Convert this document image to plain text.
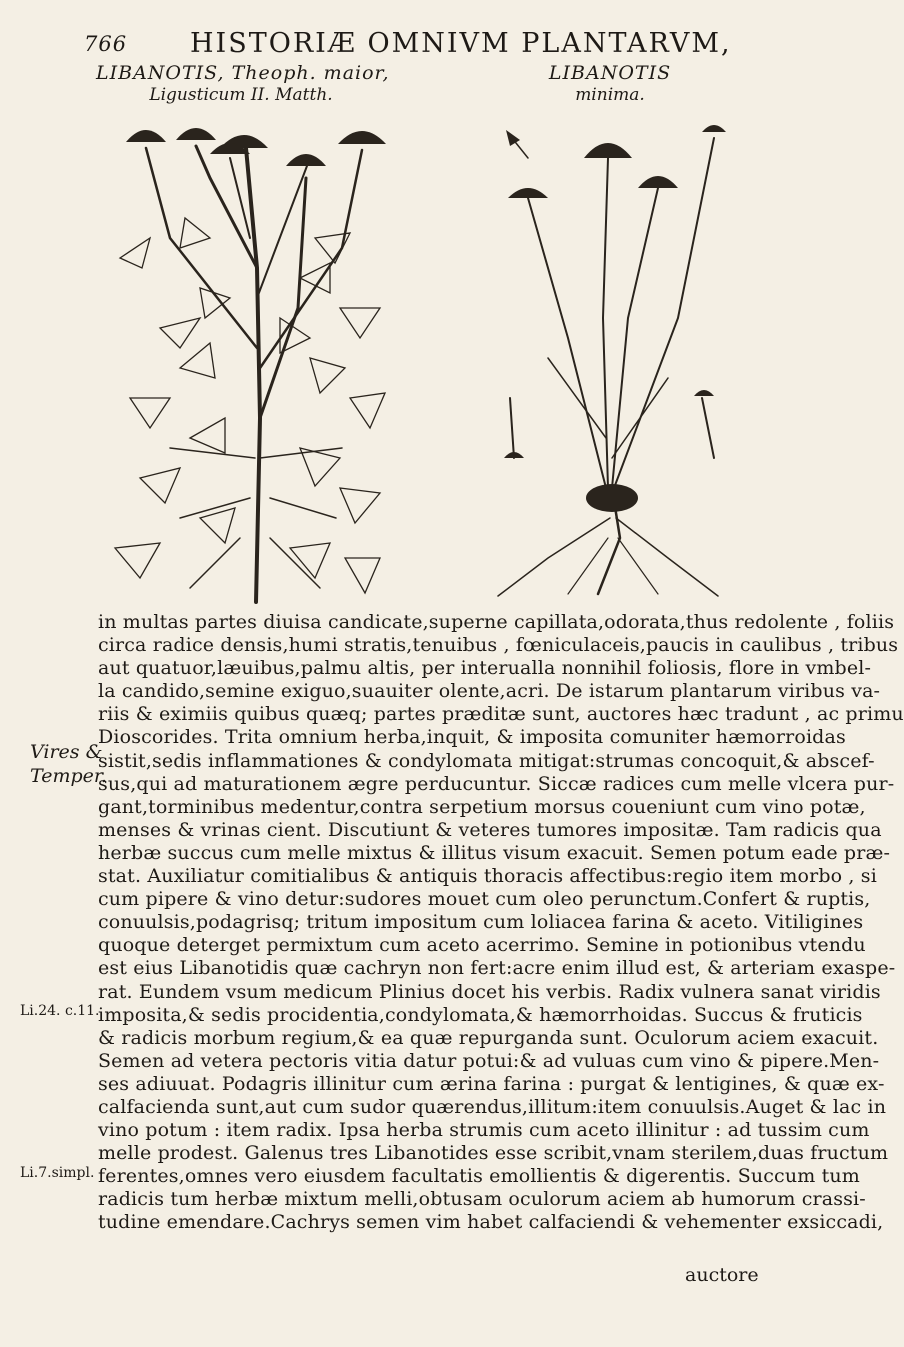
766 HISTORIÆ OMNIVM PLANTARVM,
LIBANOTIS, Theoph. maior,
Ligusticum II. Matth.
LIBANOTIS
minima.
Vires &
Temper.
Li.24. c.11.
Li.7.simpl.
in multas partes diuisa candicate,superne capillata,odorata,thus redolente , foliis
circa radice densis,humi stratis,tenuibus , fœniculaceis,paucis in caulibus , tribus
aut quatuor,læuibus,palmu altis, per interualla nonnihil foliosis, flore in vmbel-
la candido,semine exiguo,suauiter olente,acri. De istarum plantarum viribus va-
riis & eximiis quibus quæq; partes præditæ sunt, auctores hæc tradunt , ac primu
Dioscorides. Trita omnium herba,inquit, & imposita comuniter hæmorroidas
sistit,sedis inflammationes & condylomata mitigat:strumas concoquit,& abscef-
sus,qui ad maturationem ægre perducuntur. Siccæ radices cum melle vlcera pur-
gant,torminibus medentur,contra serpetium morsus coueniunt cum vino potæ,
menses & vrinas cient. Discutiunt & veteres tumores impositæ. Tam radicis qua
herbæ succus cum melle mixtus & illitus visum exacuit. Semen potum eade præ-
stat. Auxiliatur comitialibus & antiquis thoracis affectibus:regio item morbo , si
cum pipere & vino detur:sudores mouet cum oleo perunctum.Confert & ruptis,
conuulsis,podagrisq; tritum impositum cum loliacea farina & aceto. Vitiligines
quoque deterget permixtum cum aceto acerrimo. Semine in potionibus vtendu
est eius Libanotidis quæ cachryn non fert:acre enim illud est, & arteriam exaspe-
rat. Eundem vsum medicum Plinius docet his verbis. Radix vulnera sanat viridis
imposita,& sedis procidentia,condylomata,& hæmorrhoidas. Succus & fruticis
& radicis morbum regium,& ea quæ repurganda sunt. Oculorum aciem exacuit.
Semen ad vetera pectoris vitia datur potui:& ad vuluas cum vino & pipere.Men-
ses adiuuat. Podagris illinitur cum ærina farina : purgat & lentigines, & quæ ex-
calfacienda sunt,aut cum sudor quærendus,illitum:item conuulsis.Auget & lac in
vino potum : item radix. Ipsa herba strumis cum aceto illinitur : ad tussim cum
melle prodest. Galenus tres Libanotides esse scribit,vnam sterilem,duas fructum
ferentes,omnes vero eiusdem facultatis emollientis & digerentis. Succum tum
radicis tum herbæ mixtum melli,obtusam oculorum aciem ab humorum crassi-
tudine emendare.Cachrys semen vim habet calfaciendi & vehementer exsiccadi,
auctore
